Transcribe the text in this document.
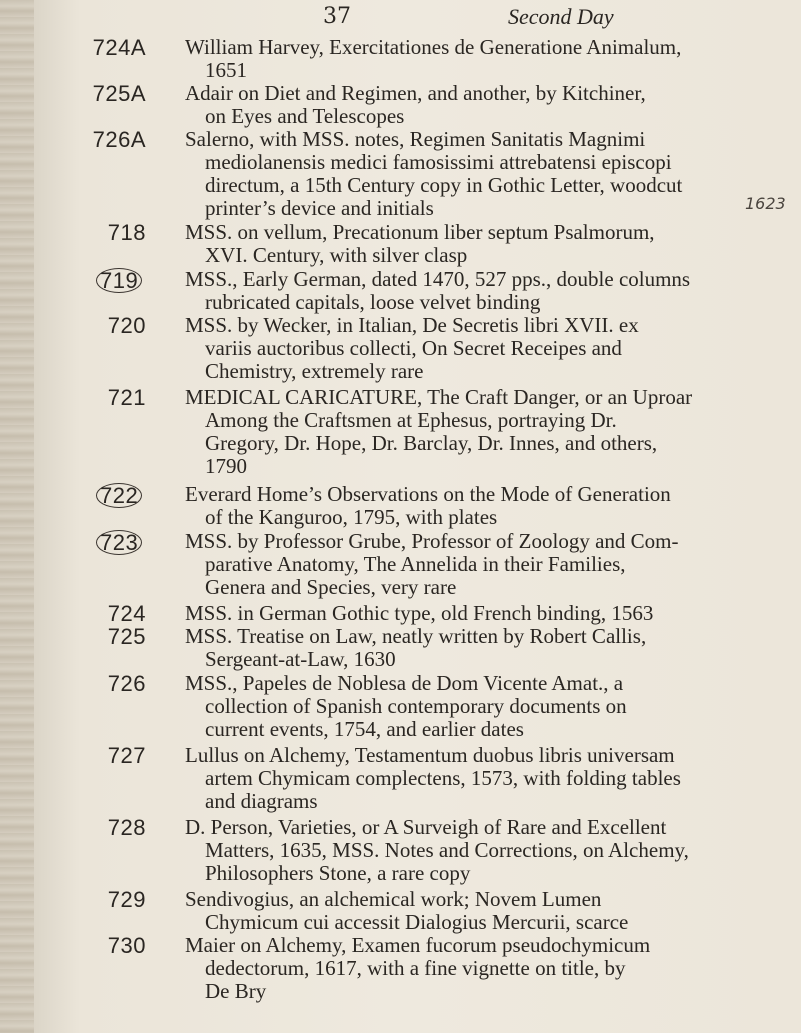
37	Second Day
724A William Harvey, Exercitationes de Generatione Animalum,
1651
725A Adair on Diet and Regimen, and another, by Kitchiner,
on Eyes and Telescopes
726A Salerno, with MSS. notes, Regimen Sanitatis Magnimi
mediolanensis medici famosissimi attrebatensi episcopi
directum, a 15th Century copy in Gothic Letter, woodcut
printer’s device and initials
718 MSS. on vellum, Precationum liber septum Psalmorum,
XVI. Century, with silver clasp
719 MSS., Early German, dated 1470, 527 pps., double columns
rubricated capitals, loose velvet binding
720 MSS. by Wecker, in Italian, De Secretis libri XVII. ex
variis auctoribus collecti, On Secret Receipes and
Chemistry, extremely rare
721 MEDICAL CARICATURE, The Craft Danger, or an Uproar
Among the Craftsmen at Ephesus, portraying Dr.
Gregory, Dr. Hope, Dr. Barclay, Dr. Innes, and others,
1790
722 Everard Home’s Observations on the Mode of Generation
of the Kanguroo, 1795, with plates
723 MSS. by Professor Grube, Professor of Zoology and Com-
parative Anatomy, The Annelida in their Families,
Genera and Species, very rare
724 MSS. in German Gothic type, old French binding, 1563
725 MSS. Treatise on Law, neatly written by Robert Callis,
Sergeant-at-Law, 1630
726 MSS., Papeles de Noblesa de Dom Vicente Amat., a
collection of Spanish contemporary documents on
current events, 1754, and earlier dates
727 Lullus on Alchemy, Testamentum duobus libris universam
artem Chymicam complectens, 1573, with folding tables
and diagrams
728 D. Person, Varieties, or A Surveigh of Rare and Excellent
Matters, 1635, MSS. Notes and Corrections, on Alchemy,
Philosophers Stone, a rare copy
729 Sendivogius, an alchemical work; Novem Lumen
Chymicum cui accessit Dialogius Mercurii, scarce
730 Maier on Alchemy, Examen fucorum pseudochymicum
dedectorum, 1617, with a fine vignette on title, by
De Bry
1623
